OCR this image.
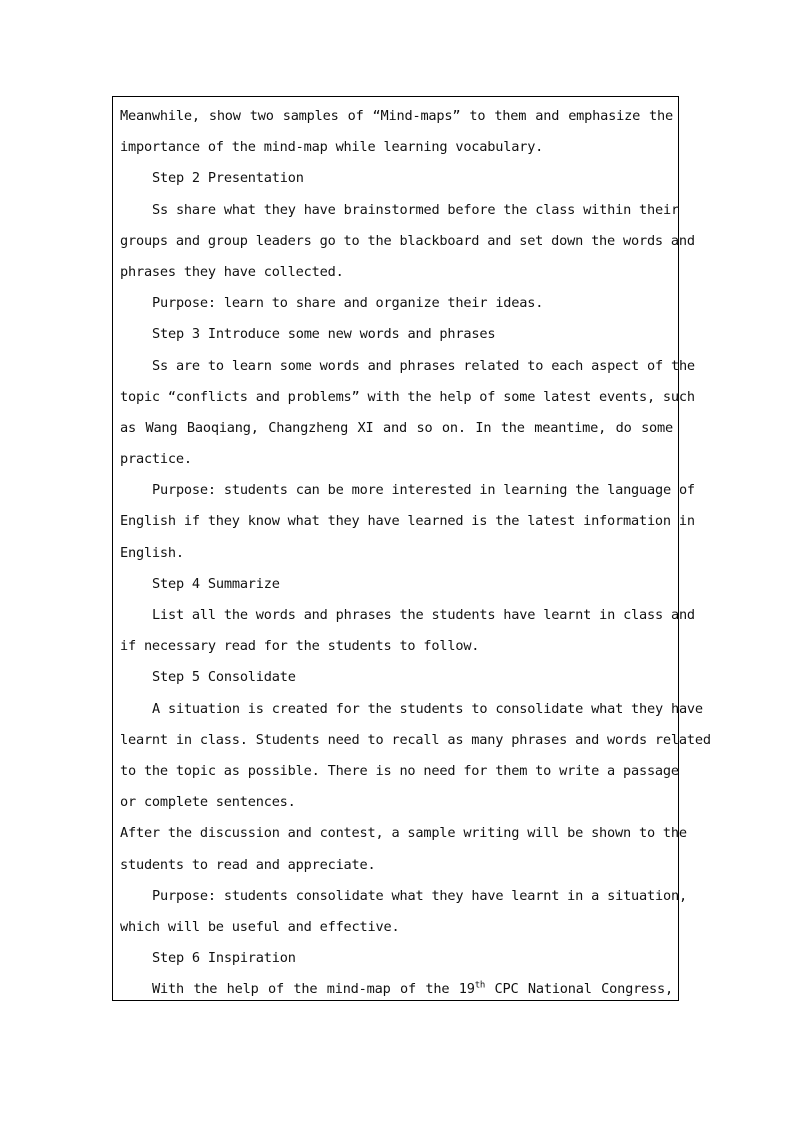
Meanwhile, show two samples of “Mind-maps” to them and emphasize the
importance of the mind-map while learning vocabulary.
Step 2 Presentation
Ss share what they have brainstormed before the class within their
groups and group leaders go to the blackboard and set down the words and
phrases they have collected.
Purpose: learn to share and organize their ideas.
Step 3 Introduce some new words and phrases
Ss are to learn some words and phrases related to each aspect of the
topic “conflicts and problems” with the help of some latest events, such
as Wang Baoqiang, Changzheng XI and so on. In the meantime, do some
practice.
Purpose: students can be more interested in learning the language of
English if they know what they have learned is the latest information in
English.
Step 4 Summarize
List all the words and phrases the students have learnt in class and
if necessary read for the students to follow.
Step 5 Consolidate
A situation is created for the students to consolidate what they have
learnt in class. Students need to recall as many phrases and words related
to the topic as possible. There is no need for them to write a passage
or complete sentences.
After the discussion and contest, a sample writing will be shown to the
students to read and appreciate.
Purpose: students consolidate what they have learnt in a situation,
which will be useful and effective.
Step 6 Inspiration
With the help of the mind-map of the 19th CPC National Congress,
